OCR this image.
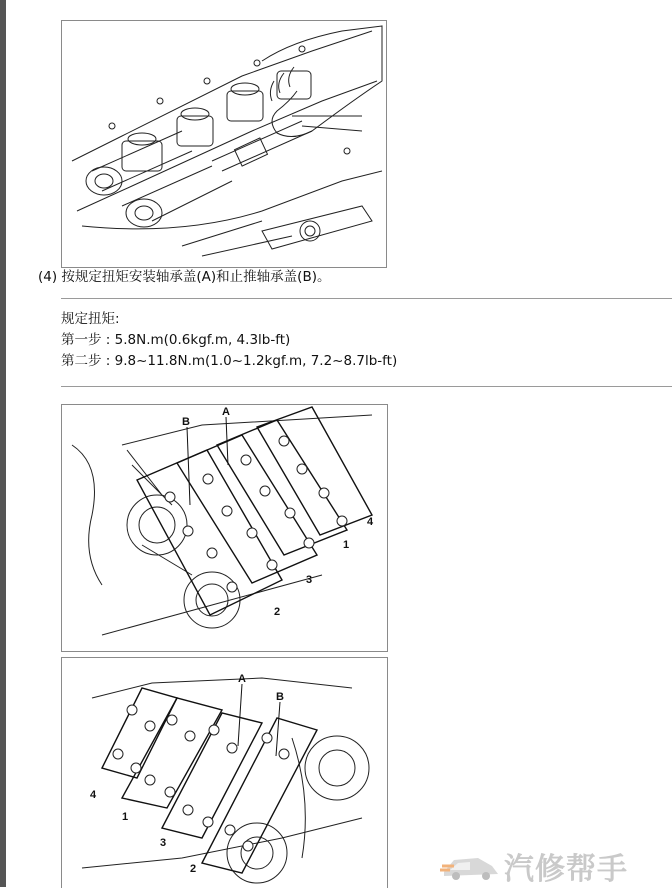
(4) 按规定扭矩安装轴承盖(A)和止推轴承盖(B)。
规定扭矩:
第一步 : 5.8N.m(0.6kgf.m, 4.3lb-ft)
第二步 : 9.8~11.8N.m(1.0~1.2kgf.m, 7.2~8.7lb-ft)
B
A
1
2
3
4
A
B
4
1
3
2	汽修帮手
